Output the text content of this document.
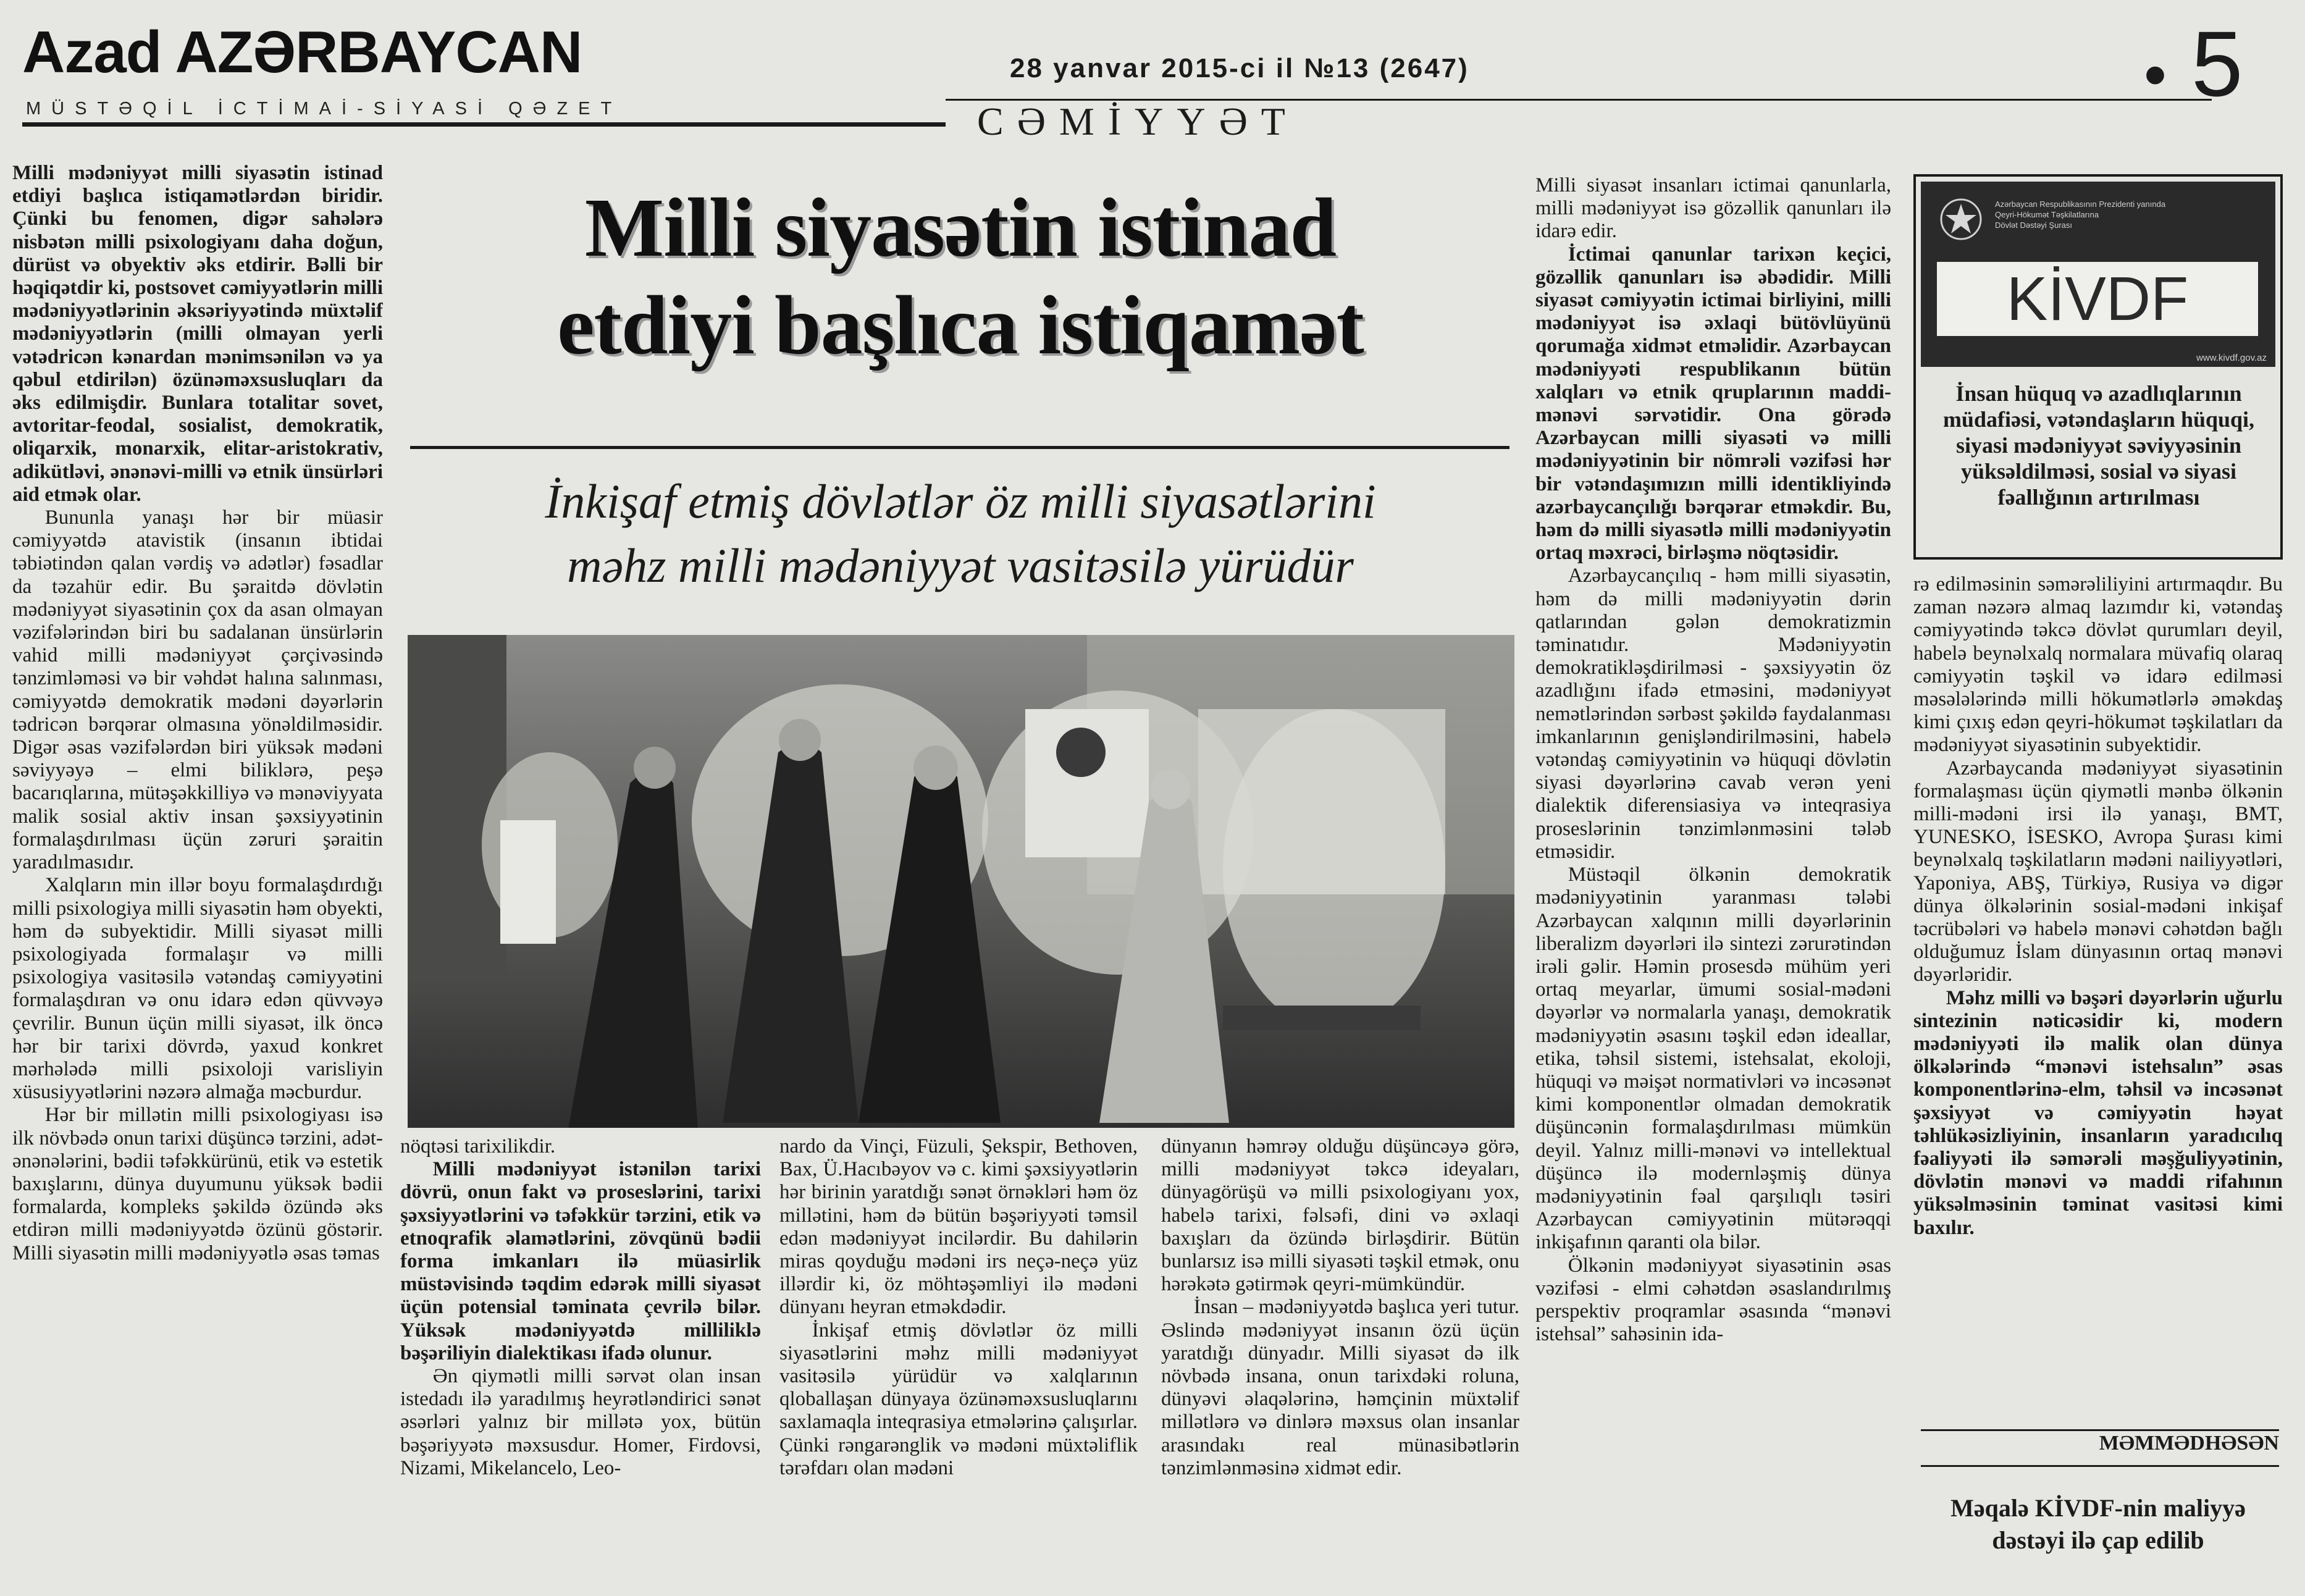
Azad AZƏRBAYCAN
MÜSTƏQİL İCTİMAİ-SİYASİ QƏZET
28 yanvar 2015-ci il №13 (2647)	• 5
CƏMİYYƏT
Milli siyasətin istinad
etdiyi başlıca istiqamət
İnkişaf etmiş dövlətlər öz milli siyasətlərini
məhz milli mədəniyyət vasitəsilə yürüdür

Milli mədəniyyət milli siyasətin istinad etdiyi başlıca istiqamətlərdən biridir. Çünki bu fenomen, digər sahələrə nisbətən milli psixologiyanı daha doğun, dürüst və obyektiv əks etdirir. Bəlli bir həqiqətdir ki, postsovet cəmiyyətlərin milli mədəniyyətlərinin əksəriyyətində müxtəlif mədəniyyətlərin (milli olmayan yerli vətədricən kənardan mənimsənilən və ya qəbul etdirilən) özünəməxsusluqları da əks edilmişdir. Bunlara totalitar sovet, avtoritar-feodal, sosialist, demokratik, oliqarxik, monarxik, elitar-aristokrativ, adikütləvi, ənənəvi-milli və etnik ünsürləri aid etmək olar.

Bununla yanaşı hər bir müasir cəmiyyətdə atavistik (insanın ibtidai təbiətindən qalan vərdiş və adətlər) fəsadlar da təzahür edir. Bu şəraitdə dövlətin mədəniyyət siyasətinin çox da asan olmayan vəzifələrindən biri bu sadalanan ünsürlərin vahid milli mədəniyyət çərçivəsində tənzimləməsi və bir vəhdət halına salınması, cəmiyyətdə demokratik mədəni dəyərlərin tədricən bərqərar olmasına yönəldilməsidir. Digər əsas vəzifələrdən biri yüksək mədəni səviyyəyə – elmi biliklərə, peşə bacarıqlarına, mütəşəkkilliyə və mənəviyyata malik sosial aktiv insan şəxsiyyətinin formalaşdırılması üçün zəruri şəraitin yaradılmasıdır.

Xalqların min illər boyu formalaşdırdığı milli psixologiya milli siyasətin həm obyekti, həm də subyektidir. Milli siyasət milli psixologiyada formalaşır və milli psixologiya vasitəsilə vətəndaş cəmiyyətini formalaşdıran və onu idarə edən qüvvəyə çevrilir. Bunun üçün milli siyasət, ilk öncə hər bir tarixi dövrdə, yaxud konkret mərhələdə milli psixoloji varisliyin xüsusiyyətlərini nəzərə almağa məcburdur.

Hər bir millətin milli psixologiyası isə ilk növbədə onun tarixi düşüncə tərzini, adət-ənənələrini, bədii təfəkkürünü, etik və estetik baxışlarını, dünya duyumunu yüksək bədii formalarda, kompleks şəkildə özündə əks etdirən milli mədəniyyətdə özünü göstərir. Milli siyasətin milli mədəniyyətlə əsas təmas

nöqtəsi tarixilikdir.

Milli mədəniyyət istənilən tarixi dövrü, onun fakt və proseslərini, tarixi şəxsiyyətlərini və təfəkkür tərzini, etik və etnoqrafik əlamətlərini, zövqünü bədii forma imkanları ilə müasirlik müstəvisində təqdim edərək milli siyasət üçün potensial təminata çevrilə bilər. Yüksək mədəniyyətdə milliliklə bəşəriliyin dialektikası ifadə olunur.

Ən qiymətli milli sərvət olan insan istedadı ilə yaradılmış heyrətləndirici sənət əsərləri yalnız bir millətə yox, bütün bəşəriyyətə məxsusdur. Homer, Firdovsi, Nizami, Mikelancelo, Leo-

nardo da Vinçi, Füzuli, Şekspir, Bethoven, Bax, Ü.Hacıbəyov və c. kimi şəxsiyyətlərin hər birinin yaratdığı sənət örnəkləri həm öz millətini, həm də bütün bəşəriyyəti təmsil edən mədəniyyət incilərdir. Bu dahilərin miras qoyduğu mədəni irs neçə-neçə yüz illərdir ki, öz möhtəşəmliyi ilə mədəni dünyanı heyran etməkdədir.

İnkişaf etmiş dövlətlər öz milli siyasətlərini məhz milli mədəniyyət vasitəsilə yürüdür və xalqlarının qloballaşan dünyaya özünəməxsusluqlarını saxlamaqla inteqrasiya etmələrinə çalışırlar. Çünki rəngarənglik və mədəni müxtəliflik tərəfdarı olan mədəni

dünyanın həmrəy olduğu düşüncəyə görə, milli mədəniyyət təkcə ideyaları, dünyagörüşü və milli psixologiyanı yox, habelə tarixi, fəlsəfi, dini və əxlaqi baxışları da özündə birləşdirir. Bütün bunlarsız isə milli siyasəti təşkil etmək, onu hərəkətə gətirmək qeyri-mümkündür.

İnsan – mədəniyyətdə başlıca yeri tutur. Əslində mədəniyyət insanın özü üçün yaratdığı dünyadır. Milli siyasət də ilk növbədə insana, onun tarixdəki roluna, dünyəvi əlaqələrinə, həmçinin müxtəlif millətlərə və dinlərə məxsus olan insanlar arasındakı real münasibətlərin tənzimlənməsinə xidmət edir.

Milli siyasət insanları ictimai qanunlarla, milli mədəniyyət isə gözəllik qanunları ilə idarə edir.

İctimai qanunlar tarixən keçici, gözəllik qanunları isə əbədidir. Milli siyasət cəmiyyətin ictimai birliyini, milli mədəniyyət isə əxlaqi bütövlüyünü qorumağa xidmət etməlidir. Azərbaycan mədəniyyəti respublikanın bütün xalqları və etnik qruplarının maddi-mənəvi sərvətidir. Ona görədə Azərbaycan milli siyasəti və milli mədəniyyətinin bir nömrəli vəzifəsi hər bir vətəndaşımızın milli identikliyində azərbaycançılığı bərqərar etməkdir. Bu, həm də milli siyasətlə milli mədəniyyətin ortaq məxrəci, birləşmə nöqtəsidir.

Azərbaycançılıq - həm milli siyasətin, həm də milli mədəniyyətin dərin qatlarından gələn demokratizmin təminatıdır. Mədəniyyətin demokratikləşdirilməsi - şəxsiyyətin öz azadlığını ifadə etməsini, mədəniyyət nemətlərindən sərbəst şəkildə faydalanması imkanlarının genişləndirilməsini, habelə vətəndaş cəmiyyətinin və hüquqi dövlətin siyasi dəyərlərinə cavab verən yeni dialektik diferensiasiya və inteqrasiya proseslərinin tənzimlənməsini tələb etməsidir.

Müstəqil ölkənin demokratik mədəniyyətinin yaranması tələbi Azərbaycan xalqının milli dəyərlərinin liberalizm dəyərləri ilə sintezi zərurətindən irəli gəlir. Həmin prosesdə mühüm yeri ortaq meyarlar, ümumi sosial-mədəni dəyərlər və normalarla yanaşı, demokratik mədəniyyətin əsasını təşkil edən ideallar, etika, təhsil sistemi, istehsalat, ekoloji, hüquqi və məişət normativləri və incəsənət kimi komponentlər olmadan demokratik düşüncənin formalaşdırılması mümkün deyil. Yalnız milli-mənəvi və intellektual düşüncə ilə modernləşmiş dünya mədəniyyətinin fəal qarşılıqlı təsiri Azərbaycan cəmiyyətinin mütərəqqi inkişafının qaranti ola bilər.

Ölkənin mədəniyyət siyasətinin əsas vəzifəsi - elmi cəhətdən əsaslandırılmış perspektiv proqramlar əsasında “mənəvi istehsal” sahəsinin ida-

Azərbaycan Respublikasının Prezidenti yanında
Qeyri-Hökumət Təşkilatlarına
Dövlət Dəstəyi Şurası
KİVDF
www.kivdf.gov.az
İnsan hüquq və azadlıqlarının müdafiəsi, vətəndaşların hüquqi, siyasi mədəniyyət səviyyəsinin yüksəldilməsi, sosial və siyasi fəallığının artırılması

rə edilməsinin səmərəliliyini artırmaqdır. Bu zaman nəzərə almaq lazımdır ki, vətəndaş cəmiyyətində təkcə dövlət qurumları deyil, habelə beynəlxalq normalara müvafiq olaraq cəmiyyətin təşkil və idarə edilməsi məsələlərində milli hökumətlərlə əməkdaş kimi çıxış edən qeyri-hökumət təşkilatları da mədəniyyət siyasətinin subyektidir.

Azərbaycanda mədəniyyət siyasətinin formalaşması üçün qiymətli mənbə ölkənin milli-mədəni irsi ilə yanaşı, BMT, YUNESKO, İSESKO, Avropa Şurası kimi beynəlxalq təşkilatların mədəni nailiyyətləri, Yaponiya, ABŞ, Türkiyə, Rusiya və digər dünya ölkələrinin sosial-mədəni inkişaf təcrübələri və habelə mənəvi cəhətdən bağlı olduğumuz İslam dünyasının ortaq mənəvi dəyərləridir.

Məhz milli və bəşəri dəyərlərin uğurlu sintezinin nəticəsidir ki, modern mədəniyyəti ilə malik olan dünya ölkələrində “mənəvi istehsalın” əsas komponentlərinə-elm, təhsil və incəsənət şəxsiyyət və cəmiyyətin həyat təhlükəsizliyinin, insanların yaradıcılıq fəaliyyəti ilə səmərəli məşğuliyyətinin, dövlətin mənəvi və maddi rifahının yüksəlməsinin təminat vasitəsi kimi baxılır.

MƏMMƏDHƏSƏN
Məqalə KİVDF-nin maliyyə
dəstəyi ilə çap edilib
